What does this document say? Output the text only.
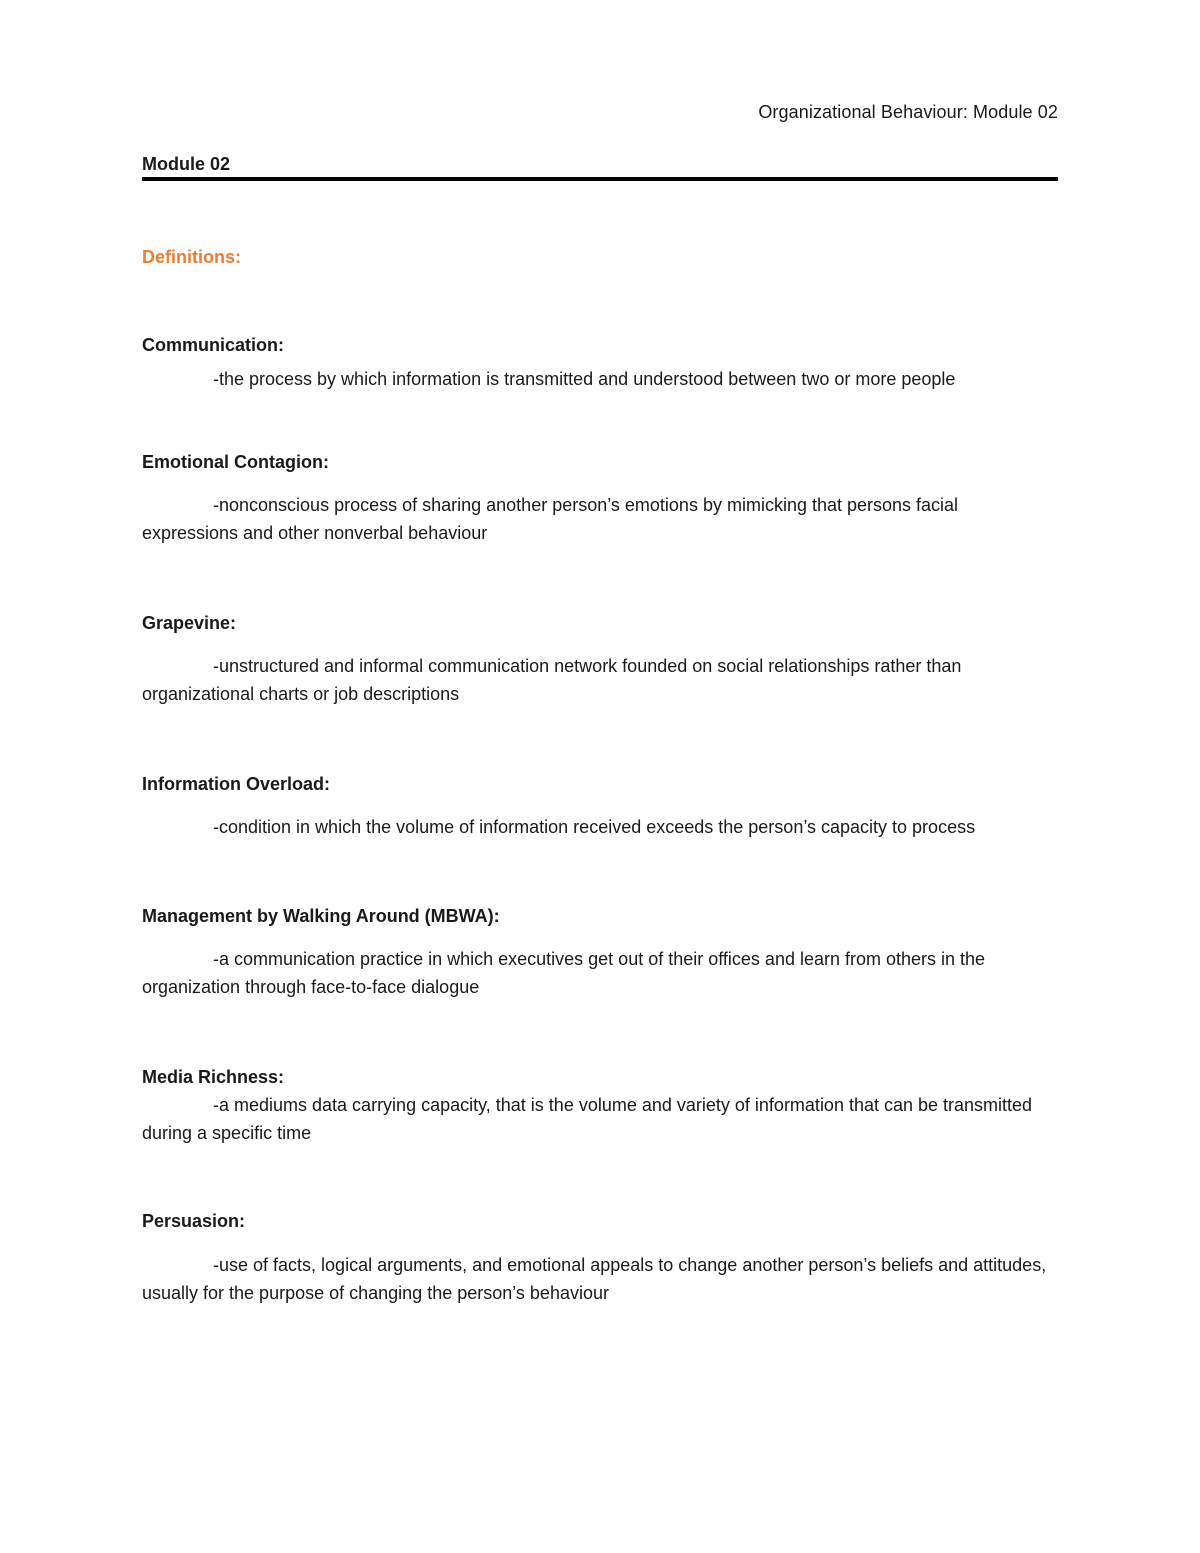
Organizational Behaviour: Module 02
Module 02
Definitions:

Communication:

-the process by which information is transmitted and understood between two or more people

Emotional Contagion:

-nonconscious process of sharing another person’s emotions by mimicking that persons facial expressions and other nonverbal behaviour

Grapevine:

-unstructured and informal communication network founded on social relationships rather than organizational charts or job descriptions

Information Overload:

-condition in which the volume of information received exceeds the person’s capacity to process

Management by Walking Around (MBWA):

-a communication practice in which executives get out of their offices and learn from others in the organization through face-to-face dialogue

Media Richness:

-a mediums data carrying capacity, that is the volume and variety of information that can be transmitted during a specific time

Persuasion:

-use of facts, logical arguments, and emotional appeals to change another person’s beliefs and attitudes, usually for the purpose of changing the person’s behaviour
